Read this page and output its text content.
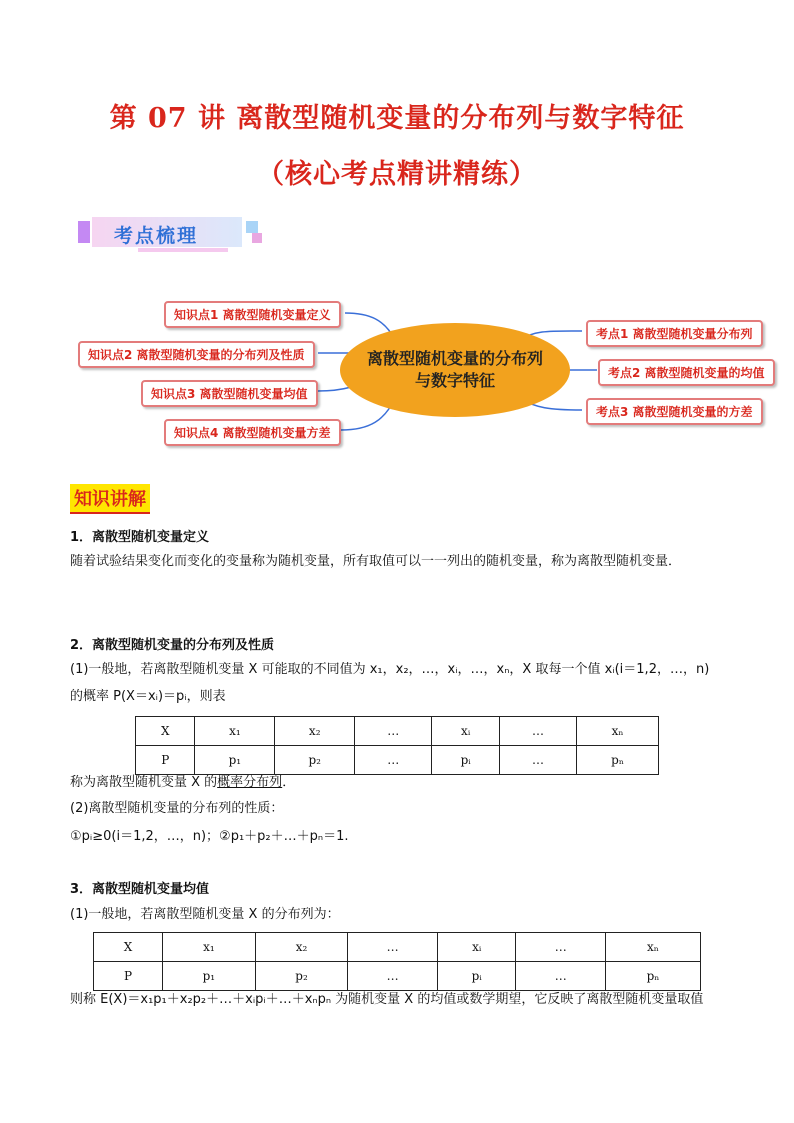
第 07 讲 离散型随机变量的分布列与数字特征
（核心考点精讲精练）
考点梳理
知识点1 离散型随机变量定义
知识点2 离散型随机变量的分布列及性质
知识点3 离散型随机变量均值
知识点4 离散型随机变量方差
离散型随机变量的分布列
与数字特征
考点1 离散型随机变量分布列
考点2 离散型随机变量的均值
考点3 离散型随机变量的方差
知识讲解
1．离散型随机变量定义
随着试验结果变化而变化的变量称为随机变量，所有取值可以一一列出的随机变量，称为离散型随机变量．
2．离散型随机变量的分布列及性质
(1)一般地，若离散型随机变量 X 可能取的不同值为 x₁，x₂，…，xᵢ，…，xₙ，X 取每一个值 xᵢ(i＝1,2，…，n)
的概率 P(X＝xᵢ)＝pᵢ，则表
X	x₁	x₂	…	xᵢ	…	xₙ
P	p₁	p₂	…	pᵢ	…	pₙ
称为离散型随机变量 X 的概率分布列．
(2)离散型随机变量的分布列的性质：
①pᵢ≥0(i＝1,2，…，n)；②p₁＋p₂＋…＋pₙ＝1.
3．离散型随机变量均值
(1)一般地，若离散型随机变量 X 的分布列为：
X	x₁	x₂	…	xᵢ	…	xₙ
P	p₁	p₂	…	pᵢ	…	pₙ
则称 E(X)＝x₁p₁＋x₂p₂＋…＋xᵢpᵢ＋…＋xₙpₙ 为随机变量 X 的均值或数学期望，它反映了离散型随机变量取值
